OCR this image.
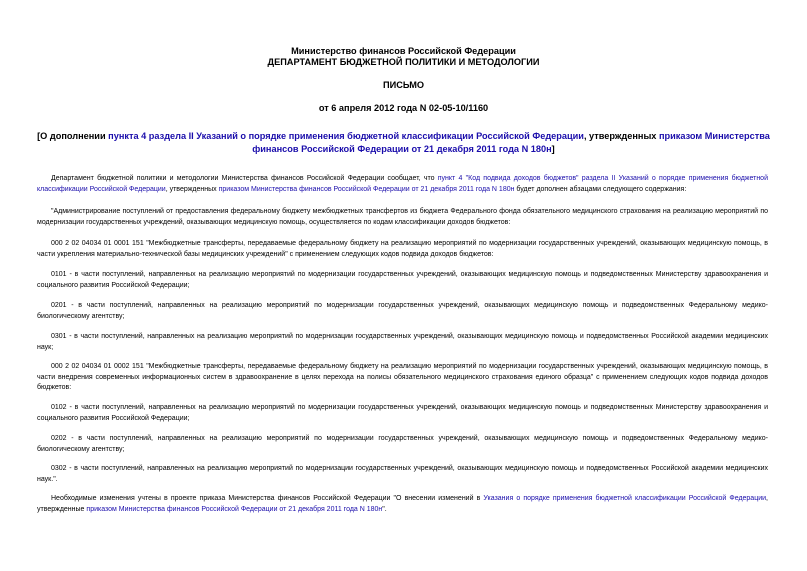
Министерство финансов Российской Федерации
ДЕПАРТАМЕНТ БЮДЖЕТНОЙ ПОЛИТИКИ И МЕТОДОЛОГИИ
ПИСЬМО
от 6 апреля 2012 года N 02-05-10/1160
[О дополнении пункта 4 раздела II Указаний о порядке применения бюджетной классификации Российской Федерации, утвержденных приказом Министерства финансов Российской Федерации от 21 декабря 2011 года N 180н]
Департамент бюджетной политики и методологии Министерства финансов Российской Федерации сообщает, что пункт 4 "Код подвида доходов бюджетов" раздела II Указаний о порядке применения бюджетной классификации Российской Федерации, утвержденных приказом Министерства финансов Российской Федерации от 21 декабря 2011 года N 180н будет дополнен абзацами следующего содержания:
"Администрирование поступлений от предоставления федеральному бюджету межбюджетных трансфертов из бюджета Федерального фонда обязательного медицинского страхования на реализацию мероприятий по модернизации государственных учреждений, оказывающих медицинскую помощь, осуществляется по кодам классификации доходов бюджетов:
000 2 02 04034 01 0001 151 "Межбюджетные трансферты, передаваемые федеральному бюджету на реализацию мероприятий по модернизации государственных учреждений, оказывающих медицинскую помощь, в части укрепления материально-технической базы медицинских учреждений" с применением следующих кодов подвида доходов бюджетов:
0101 - в части поступлений, направленных на реализацию мероприятий по модернизации государственных учреждений, оказывающих медицинскую помощь и подведомственных Министерству здравоохранения и социального развития Российской Федерации;
0201 - в части поступлений, направленных на реализацию мероприятий по модернизации государственных учреждений, оказывающих медицинскую помощь и подведомственных Федеральному медико-биологическому агентству;
0301 - в части поступлений, направленных на реализацию мероприятий по модернизации государственных учреждений, оказывающих медицинскую помощь и подведомственных Российской академии медицинских наук;
000 2 02 04034 01 0002 151 "Межбюджетные трансферты, передаваемые федеральному бюджету на реализацию мероприятий по модернизации государственных учреждений, оказывающих медицинскую помощь, в части внедрения современных информационных систем в здравоохранение в целях перехода на полисы обязательного медицинского страхования единого образца" с применением следующих кодов подвида доходов бюджетов:
0102 - в части поступлений, направленных на реализацию мероприятий по модернизации государственных учреждений, оказывающих медицинскую помощь и подведомственных Министерству здравоохранения и социального развития Российской Федерации;
0202 - в части поступлений, направленных на реализацию мероприятий по модернизации государственных учреждений, оказывающих медицинскую помощь и подведомственных Федеральному медико-биологическому агентству;
0302 - в части поступлений, направленных на реализацию мероприятий по модернизации государственных учреждений, оказывающих медицинскую помощь и подведомственных Российской академии медицинских наук.".
Необходимые изменения учтены в проекте приказа Министерства финансов Российской Федерации "О внесении изменений в Указания о порядке применения бюджетной классификации Российской Федерации, утвержденные приказом Министерства финансов Российской Федерации от 21 декабря 2011 года N 180н".
